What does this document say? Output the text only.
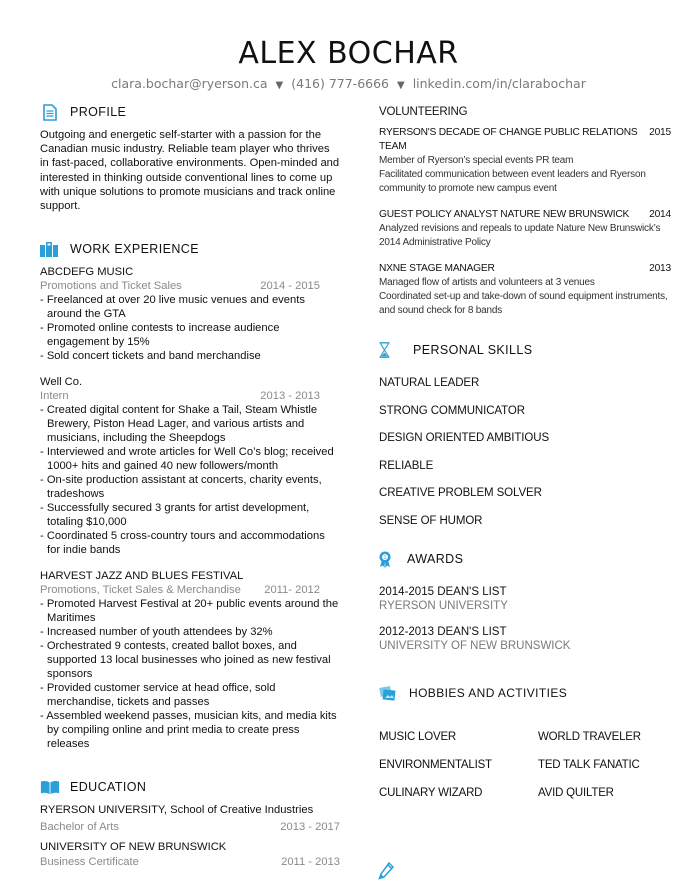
ALEX BOCHAR
clara.bochar@ryerson.ca ▼ (416) 777-6666 ▼ linkedin.com/in/clarabochar
PROFILE
Outgoing and energetic self-starter with a passion for the Canadian music industry. Reliable team player who thrives in fast-paced, collaborative environments. Open-minded and interested in thinking outside conventional lines to come up with unique solutions to promote musicians and track online support.
WORK EXPERIENCE
ABCDEFG MUSIC
Promotions and Ticket Sales	2014 - 2015
- Freelanced at over 20 live music venues and events around the GTA
- Promoted online contests to increase audience engagement by 15%
- Sold concert tickets and band merchandise
Well Co.
Intern	2013 - 2013
- Created digital content for Shake a Tail, Steam Whistle Brewery, Piston Head Lager, and various artists and musicians, including the Sheepdogs
- Interviewed and wrote articles for Well Co’s blog; received 1000+ hits and gained 40 new followers/month
- On-site production assistant at concerts, charity events, tradeshows
- Successfully secured 3 grants for artist development, totaling $10,000
- Coordinated 5 cross-country tours and accommodations for indie bands
HARVEST JAZZ AND BLUES FESTIVAL
Promotions, Ticket Sales & Merchandise 2011- 2012
- Promoted Harvest Festival at 20+ public events around the Maritimes
- Increased number of youth attendees by 32%
- Orchestrated 9 contests, created ballot boxes, and supported 13 local businesses who joined as new festival sponsors
- Provided customer service at head office, sold merchandise, tickets and passes
- Assembled weekend passes, musician kits, and media kits by compiling online and print media to create press releases
EDUCATION
RYERSON UNIVERSITY, School of Creative Industries
Bachelor of Arts	2013 - 2017
UNIVERSITY OF NEW BRUNSWICK
Business Certificate	2011 - 2013
VOLUNTEERING
RYERSON'S DECADE OF CHANGE PUBLIC RELATIONS TEAM
2015
Member of Ryerson’s special events PR team
Facilitated communication between event leaders and Ryerson community to promote new campus event
GUEST POLICY ANALYST NATURE NEW BRUNSWICK 2014
Analyzed revisions and repeals to update Nature New Brunswick’s 2014 Administrative Policy
NXNE STAGE MANAGER	2013
Managed flow of artists and volunteers at 3 venues
Coordinated set-up and take-down of sound equipment instruments, and sound check for 8 bands
PERSONAL SKILLS
NATURAL LEADER
STRONG COMMUNICATOR
DESIGN ORIENTED AMBITIOUS
RELIABLE
CREATIVE PROBLEM SOLVER
SENSE OF HUMOR
1 AWARDS
2014-2015 DEAN'S LIST
RYERSON UNIVERSITY
2012-2013 DEAN'S LIST
UNIVERSITY OF NEW BRUNSWICK
HOBBIES AND ACTIVITIES
MUSIC LOVER	WORLD TRAVELER
ENVIRONMENTALIST	TED TALK FANATIC
CULINARY WIZARD	AVID QUILTER
